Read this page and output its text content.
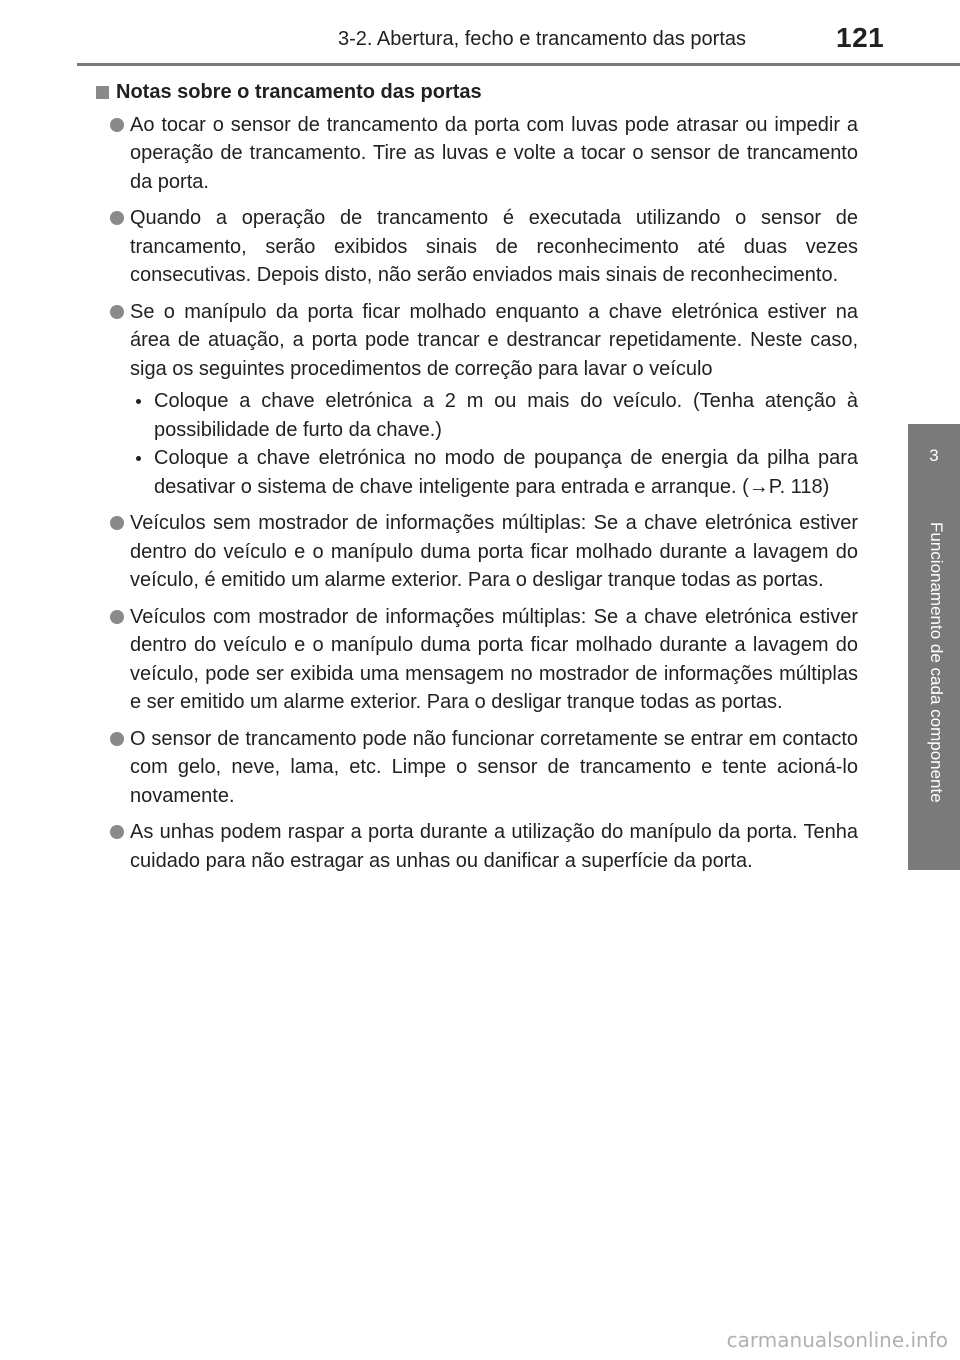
3-2. Abertura, fecho e trancamento das portas	121
3
Funcionamento de cada componente
Notas sobre o trancamento das portas
Ao tocar o sensor de trancamento da porta com luvas pode atrasar ou impedir a operação de trancamento. Tire as luvas e volte a tocar o sensor de trancamento da porta.
Quando a operação de trancamento é executada utilizando o sensor de trancamento, serão exibidos sinais de reconhecimento até duas vezes consecutivas. Depois disto, não serão enviados mais sinais de reconhecimento.
Se o manípulo da porta ficar molhado enquanto a chave eletrónica estiver na área de atuação, a porta pode trancar e destrancar repetidamente. Neste caso, siga os seguintes procedimentos de correção para lavar o veículo
Coloque a chave eletrónica a 2 m ou mais do veículo. (Tenha atenção à possibilidade de furto da chave.)
Coloque a chave eletrónica no modo de poupança de energia da pilha para desativar o sistema de chave inteligente para entrada e arranque. (→P. 118)
Veículos sem mostrador de informações múltiplas: Se a chave eletrónica estiver dentro do veículo e o manípulo duma porta ficar molhado durante a lavagem do veículo, é emitido um alarme exterior. Para o desligar tranque todas as portas.
Veículos com mostrador de informações múltiplas: Se a chave eletrónica estiver dentro do veículo e o manípulo duma porta ficar molhado durante a lavagem do veículo, pode ser exibida uma mensagem no mostrador de informações múltiplas e ser emitido um alarme exterior. Para o desligar tranque todas as portas.
O sensor de trancamento pode não funcionar corretamente se entrar em contacto com gelo, neve, lama, etc. Limpe o sensor de trancamento e tente acioná-lo novamente.
As unhas podem raspar a porta durante a utilização do manípulo da porta. Tenha cuidado para não estragar as unhas ou danificar a superfície da porta.
carmanualsonline.info
